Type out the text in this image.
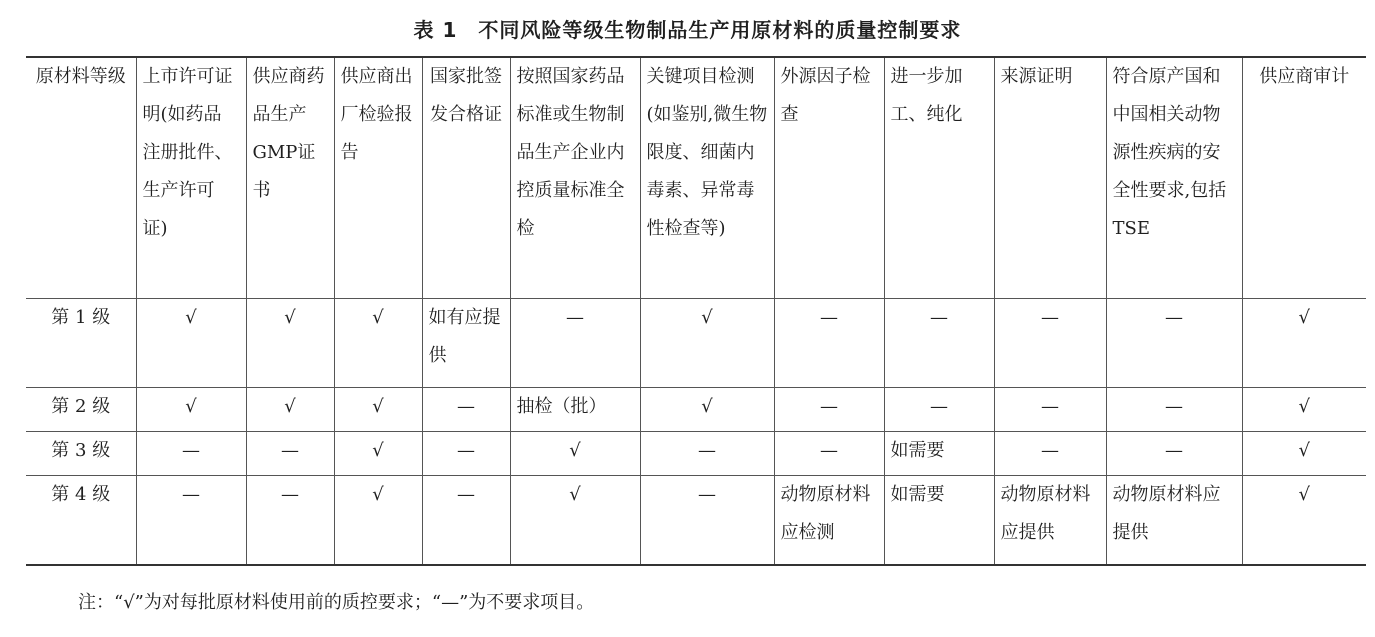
表 1　不同风险等级生物制品生产用原材料的质量控制要求
原材料等级	上市许可证明(如药品注册批件、生产许可证)	供应商药品生产 GMP证书	供应商出厂检验报告	国家批签发合格证	按照国家药品标准或生物制品生产企业内控质量标准全检	关键项目检测(如鉴别,微生物限度、细菌内毒素、异常毒性检查等)	外源因子检查	进一步加工、纯化	来源证明	符合原产国和中国相关动物源性疾病的安全性要求,包括TSE	供应商审计
第 1 级	√	√	√	如有应提供	—	√	—	—	—	—	√
第 2 级	√	√	√	—	抽检（批）	√	—	—	—	—	√
第 3 级	—	—	√	—	√	—	—	如需要	—	—	√
第 4 级	—	—	√	—	√	—	动物原材料应检测	如需要	动物原材料应提供	动物原材料应提供	√
注：“√”为对每批原材料使用前的质控要求；“—”为不要求项目。
